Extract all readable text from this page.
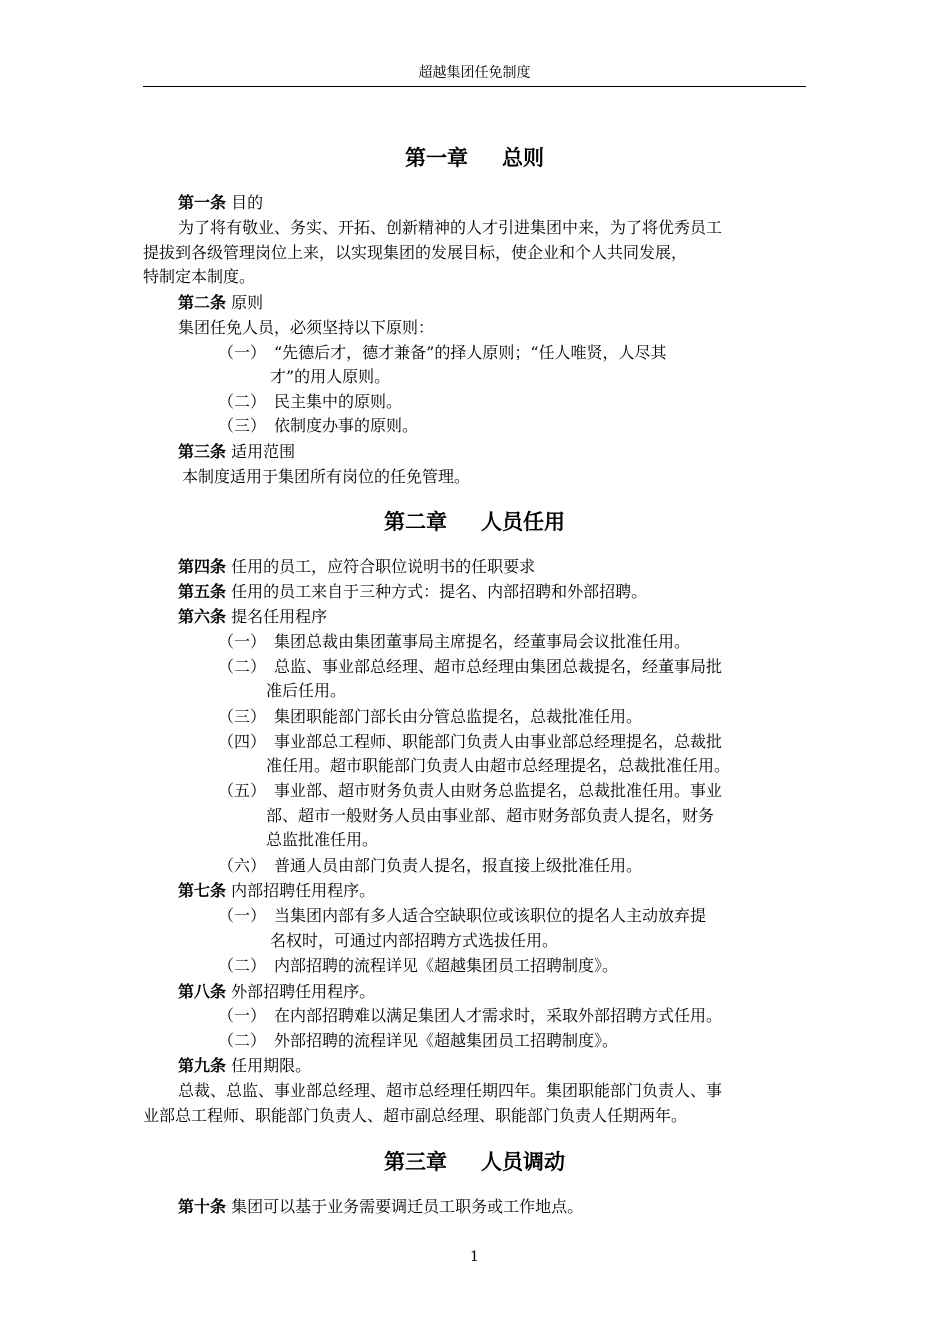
超越集团任免制度
第一章 总则
第一条 目的
为了将有敬业、务实、开拓、创新精神的人才引进集团中来，为了将优秀员工
提拔到各级管理岗位上来，以实现集团的发展目标，使企业和个人共同发展，
特制定本制度。
第二条 原则
集团任免人员，必须坚持以下原则：
（一） “先德后才，德才兼备”的择人原则；“任人唯贤，人尽其
才”的用人原则。
（二） 民主集中的原则。
（三） 依制度办事的原则。
第三条 适用范围
本制度适用于集团所有岗位的任免管理。
第二章 人员任用
第四条 任用的员工，应符合职位说明书的任职要求
第五条 任用的员工来自于三种方式：提名、内部招聘和外部招聘。
第六条 提名任用程序
（一） 集团总裁由集团董事局主席提名，经董事局会议批准任用。
（二） 总监、事业部总经理、超市总经理由集团总裁提名，经董事局批
准后任用。
（三） 集团职能部门部长由分管总监提名，总裁批准任用。
（四） 事业部总工程师、职能部门负责人由事业部总经理提名，总裁批
准任用。超市职能部门负责人由超市总经理提名，总裁批准任用。
（五） 事业部、超市财务负责人由财务总监提名，总裁批准任用。事业
部、超市一般财务人员由事业部、超市财务部负责人提名，财务
总监批准任用。
（六） 普通人员由部门负责人提名，报直接上级批准任用。
第七条 内部招聘任用程序。
（一） 当集团内部有多人适合空缺职位或该职位的提名人主动放弃提
名权时，可通过内部招聘方式选拔任用。
（二） 内部招聘的流程详见《超越集团员工招聘制度》。
第八条 外部招聘任用程序。
（一） 在内部招聘难以满足集团人才需求时，采取外部招聘方式任用。
（二） 外部招聘的流程详见《超越集团员工招聘制度》。
第九条 任用期限。
总裁、总监、事业部总经理、超市总经理任期四年。集团职能部门负责人、事
业部总工程师、职能部门负责人、超市副总经理、职能部门负责人任期两年。
第三章 人员调动
第十条 集团可以基于业务需要调迁员工职务或工作地点。
1
